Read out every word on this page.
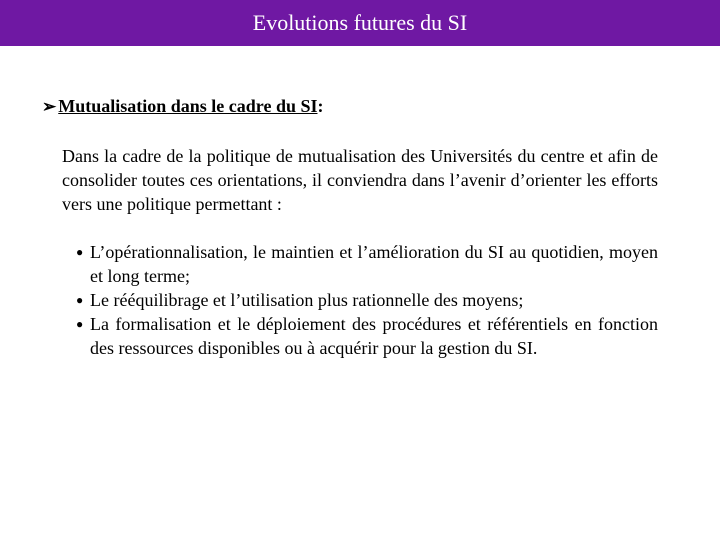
Evolutions futures du SI
➢ Mutualisation dans le cadre du SI :
Dans la cadre de la politique de mutualisation des Universités du centre et afin de consolider toutes ces orientations, il conviendra dans l’avenir d’orienter les efforts vers une politique permettant :
● L’opérationnalisation, le maintien et l’amélioration du SI au quotidien, moyen et long terme;
● Le rééquilibrage et l’utilisation plus rationnelle des moyens;
● La formalisation et le déploiement des procédures et référentiels en fonction des ressources disponibles ou à acquérir pour la gestion du SI.
